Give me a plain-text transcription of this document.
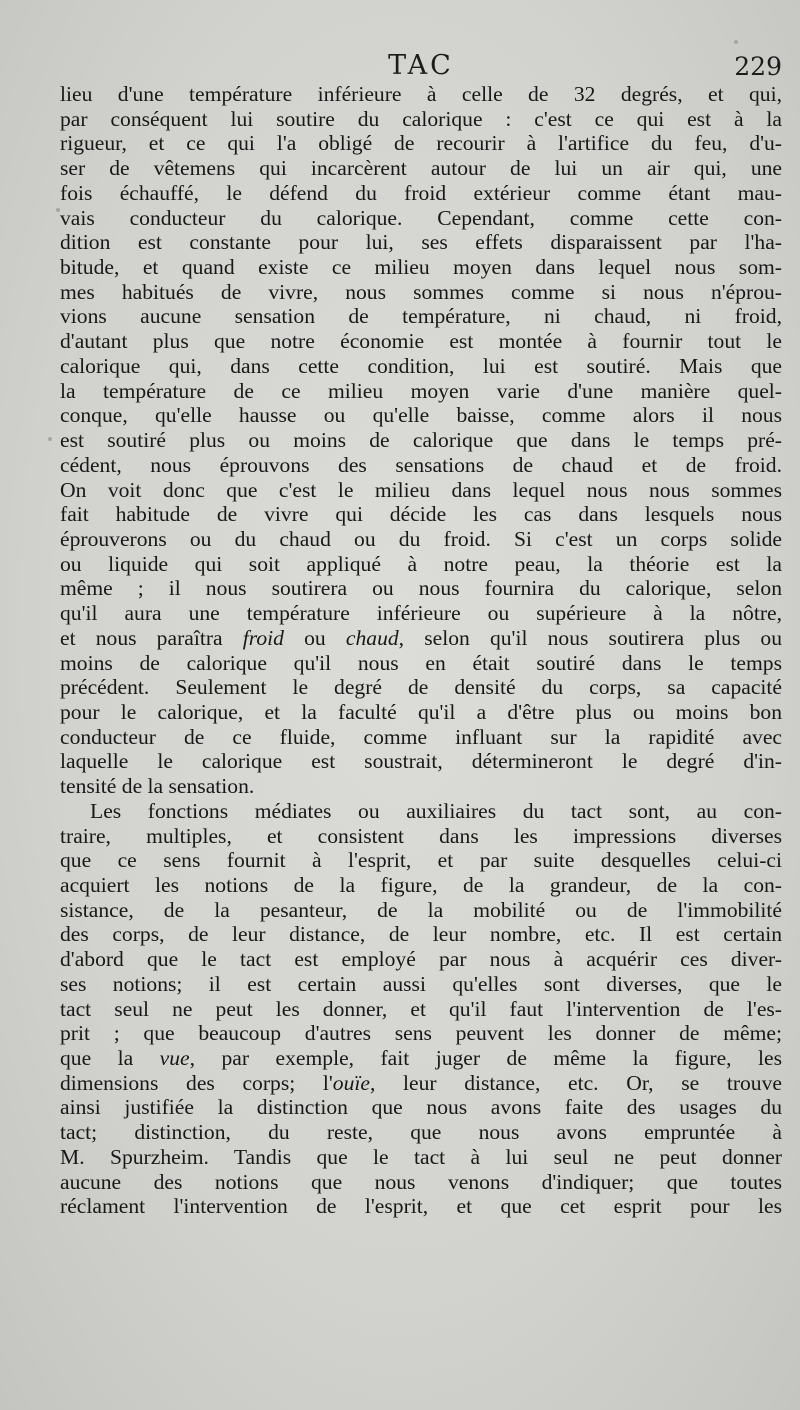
TAC	229
lieu d'une température inférieure à celle de 32 degrés, et qui,
par conséquent lui soutire du calorique : c'est ce qui est à la
rigueur, et ce qui l'a obligé de recourir à l'artifice du feu, d'u-
ser de vêtemens qui incarcèrent autour de lui un air qui, une
fois échauffé, le défend du froid extérieur comme étant mau-
vais conducteur du calorique. Cependant, comme cette con-
dition est constante pour lui, ses effets disparaissent par l'ha-
bitude, et quand existe ce milieu moyen dans lequel nous som-
mes habitués de vivre, nous sommes comme si nous n'éprou-
vions aucune sensation de température, ni chaud, ni froid,
d'autant plus que notre économie est montée à fournir tout le
calorique qui, dans cette condition, lui est soutiré. Mais que
la température de ce milieu moyen varie d'une manière quel-
conque, qu'elle hausse ou qu'elle baisse, comme alors il nous
est soutiré plus ou moins de calorique que dans le temps pré-
cédent, nous éprouvons des sensations de chaud et de froid.
On voit donc que c'est le milieu dans lequel nous nous sommes
fait habitude de vivre qui décide les cas dans lesquels nous
éprouverons ou du chaud ou du froid. Si c'est un corps solide
ou liquide qui soit appliqué à notre peau, la théorie est la
même ; il nous soutirera ou nous fournira du calorique, selon
qu'il aura une température inférieure ou supérieure à la nôtre,
et nous paraîtra froid ou chaud, selon qu'il nous soutirera plus ou
moins de calorique qu'il nous en était soutiré dans le temps
précédent. Seulement le degré de densité du corps, sa capacité
pour le calorique, et la faculté qu'il a d'être plus ou moins bon
conducteur de ce fluide, comme influant sur la rapidité avec
laquelle le calorique est soustrait, détermineront le degré d'in-
tensité de la sensation.
Les fonctions médiates ou auxiliaires du tact sont, au con-
traire, multiples, et consistent dans les impressions diverses
que ce sens fournit à l'esprit, et par suite desquelles celui-ci
acquiert les notions de la figure, de la grandeur, de la con-
sistance, de la pesanteur, de la mobilité ou de l'immobilité
des corps, de leur distance, de leur nombre, etc. Il est certain
d'abord que le tact est employé par nous à acquérir ces diver-
ses notions; il est certain aussi qu'elles sont diverses, que le
tact seul ne peut les donner, et qu'il faut l'intervention de l'es-
prit ; que beaucoup d'autres sens peuvent les donner de même;
que la vue, par exemple, fait juger de même la figure, les
dimensions des corps; l'ouïe, leur distance, etc. Or, se trouve
ainsi justifiée la distinction que nous avons faite des usages du
tact; distinction, du reste, que nous avons empruntée à
M. Spurzheim. Tandis que le tact à lui seul ne peut donner
aucune des notions que nous venons d'indiquer; que toutes
réclament l'intervention de l'esprit, et que cet esprit pour les
